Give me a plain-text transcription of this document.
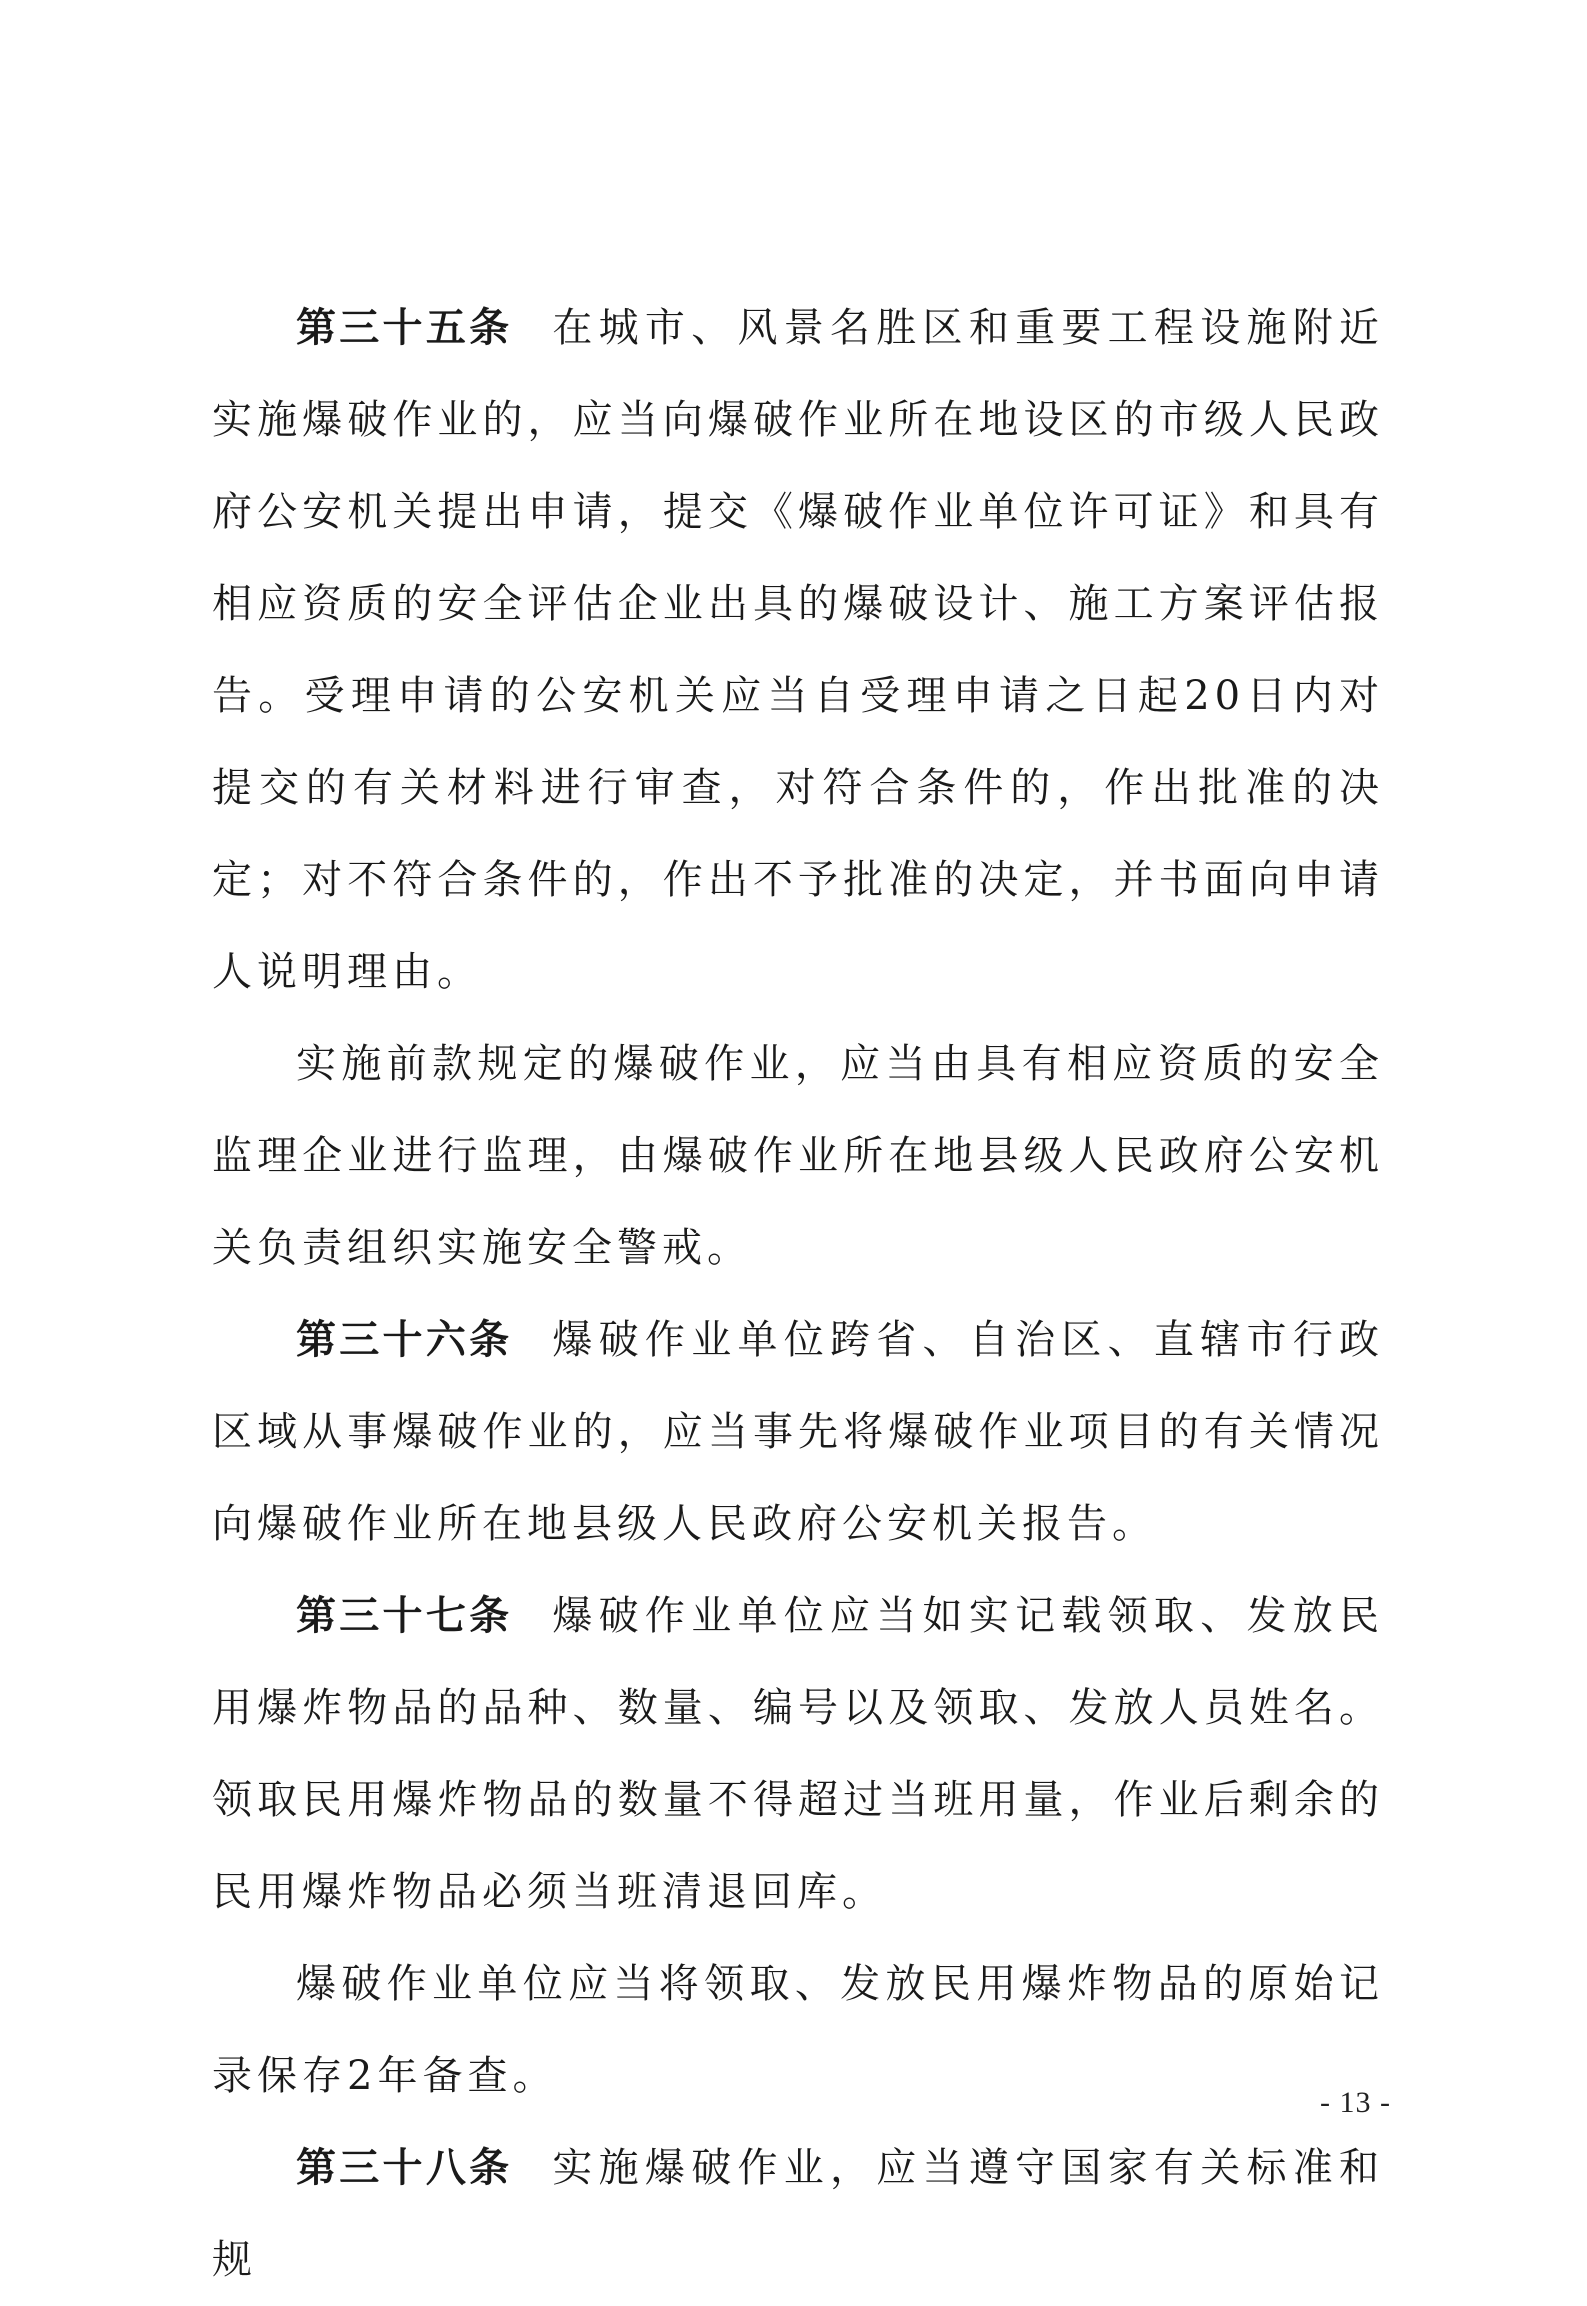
第三十五条 在城市、风景名胜区和重要工程设施附近实施爆破作业的，应当向爆破作业所在地设区的市级人民政府公安机关提出申请，提交《爆破作业单位许可证》和具有相应资质的安全评估企业出具的爆破设计、施工方案评估报告。受理申请的公安机关应当自受理申请之日起20日内对提交的有关材料进行审查，对符合条件的，作出批准的决定；对不符合条件的，作出不予批准的决定，并书面向申请人说明理由。

实施前款规定的爆破作业，应当由具有相应资质的安全监理企业进行监理，由爆破作业所在地县级人民政府公安机关负责组织实施安全警戒。

第三十六条 爆破作业单位跨省、自治区、直辖市行政区域从事爆破作业的，应当事先将爆破作业项目的有关情况向爆破作业所在地县级人民政府公安机关报告。

第三十七条 爆破作业单位应当如实记载领取、发放民用爆炸物品的品种、数量、编号以及领取、发放人员姓名。领取民用爆炸物品的数量不得超过当班用量，作业后剩余的民用爆炸物品必须当班清退回库。

爆破作业单位应当将领取、发放民用爆炸物品的原始记录保存2年备查。

第三十八条 实施爆破作业，应当遵守国家有关标准和规

- 13 -
